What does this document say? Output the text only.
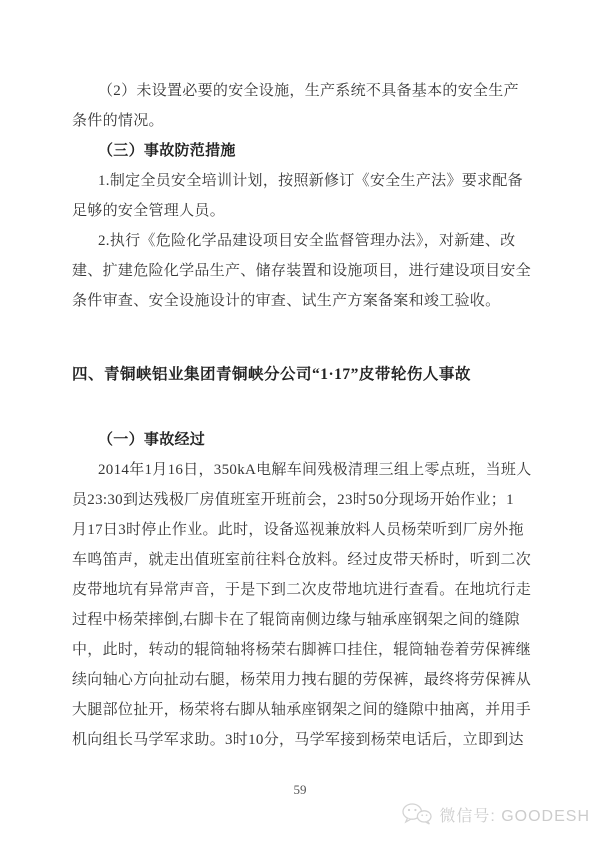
（2）未设置必要的安全设施，生产系统不具备基本的安全生产
条件的情况。
（三）事故防范措施
1.制定全员安全培训计划，按照新修订《安全生产法》要求配备
足够的安全管理人员。
2.执行《危险化学品建设项目安全监督管理办法》，对新建、改
建、扩建危险化学品生产、储存装置和设施项目，进行建设项目安全
条件审查、安全设施设计的审查、试生产方案备案和竣工验收。
四、青铜峡铝业集团青铜峡分公司“1·17”皮带轮伤人事故
（一）事故经过
2014年1月16日，350kA电解车间残极清理三组上零点班，当班人
员23:30到达残极厂房值班室开班前会，23时50分现场开始作业；1
月17日3时停止作业。此时，设备巡视兼放料人员杨荣听到厂房外拖
车鸣笛声，就走出值班室前往料仓放料。经过皮带天桥时，听到二次
皮带地坑有异常声音，于是下到二次皮带地坑进行查看。在地坑行走
过程中杨荣摔倒,右脚卡在了辊筒南侧边缘与轴承座钢架之间的缝隙
中，此时，转动的辊筒轴将杨荣右脚裤口挂住，辊筒轴卷着劳保裤继
续向轴心方向扯动右腿，杨荣用力拽右腿的劳保裤，最终将劳保裤从
大腿部位扯开，杨荣将右脚从轴承座钢架之间的缝隙中抽离，并用手
机向组长马学军求助。3时10分，马学军接到杨荣电话后，立即到达
59
微信号: GOODESH
